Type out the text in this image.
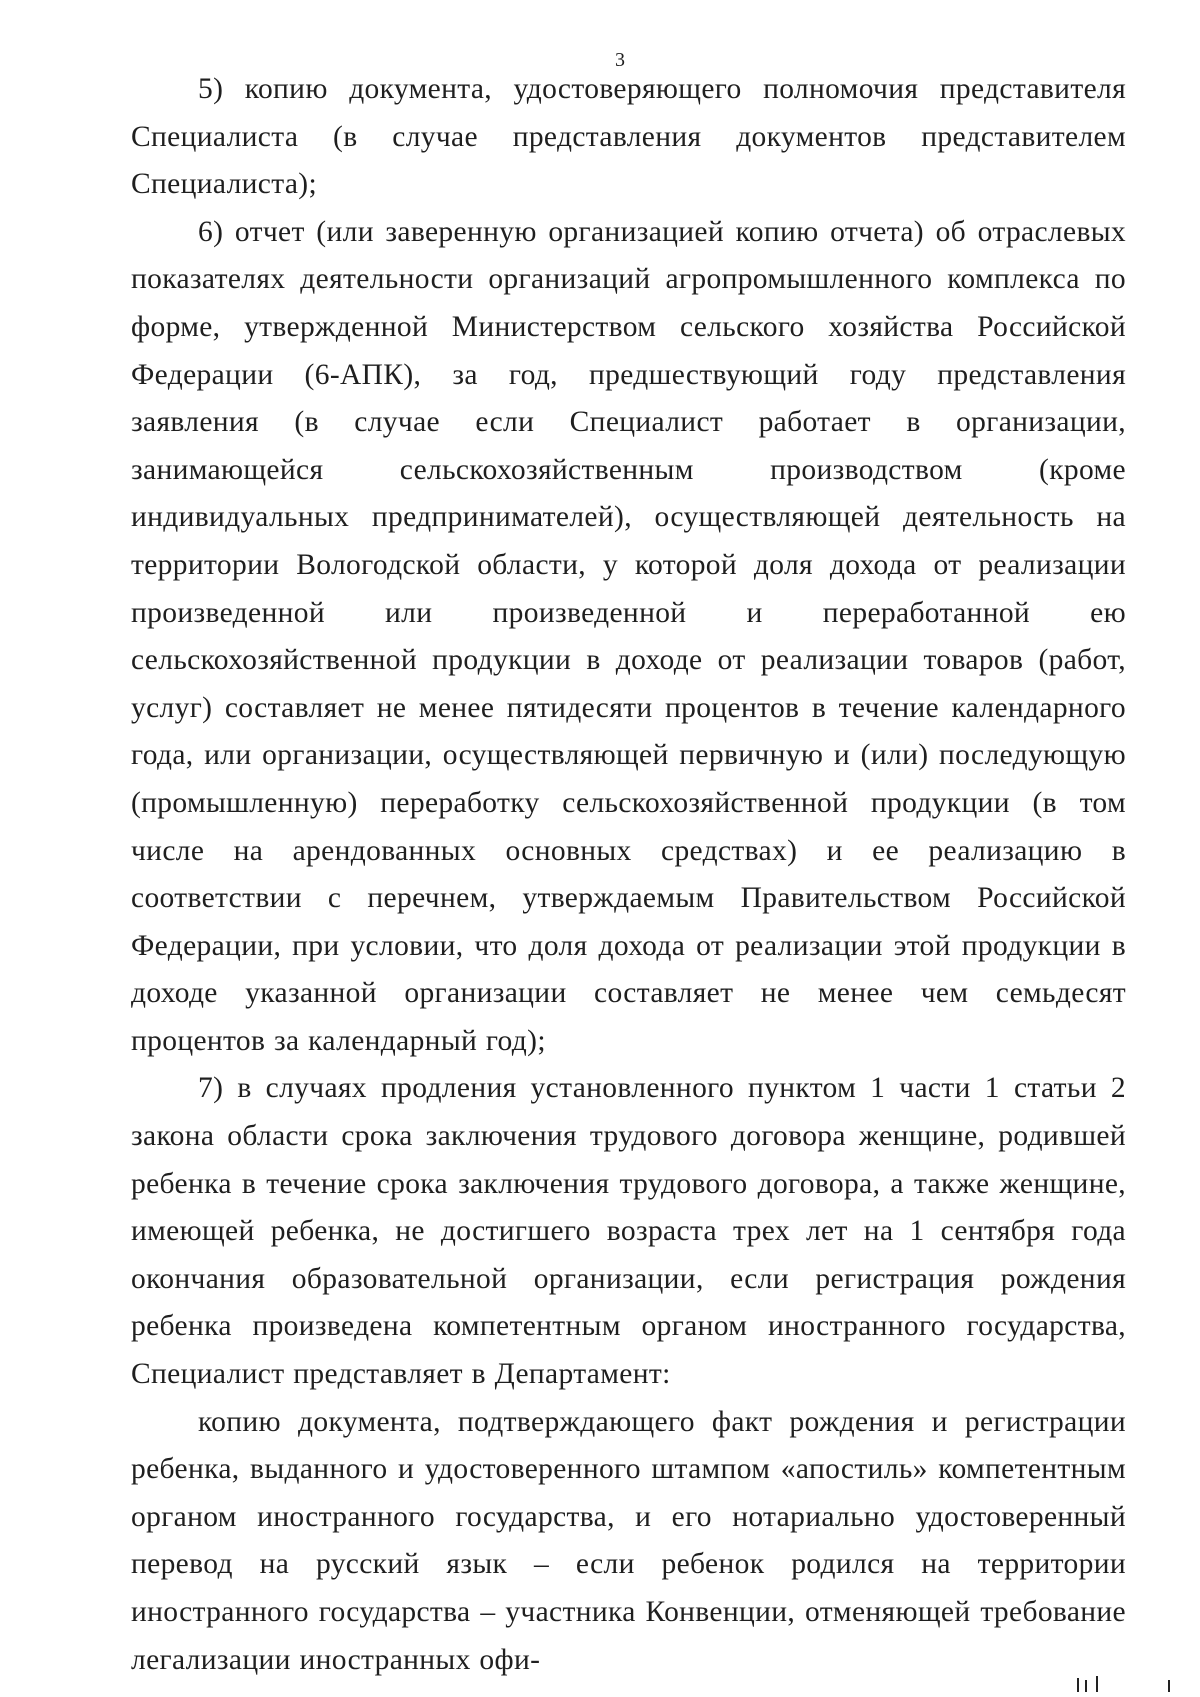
3

5) копию документа, удостоверяющего полномочия представителя Специалиста (в случае представления документов представителем Специалиста);

6) отчет (или заверенную организацией копию отчета) об отраслевых показателях деятельности организаций агропромышленного комплекса по форме, утвержденной Министерством сельского хозяйства Российской Федерации (6-АПК), за год, предшествующий году представления заявления (в случае если Специалист работает в организации, занимающейся сельскохозяйственным производством (кроме индивидуальных предпринимателей), осуществляющей деятельность на территории Вологодской области, у которой доля дохода от реализации произведенной или произведенной и переработанной ею сельскохозяйственной продукции в доходе от реализации товаров (работ, услуг) составляет не менее пятидесяти процентов в течение календарного года, или организации, осуществляющей первичную и (или) последующую (промышленную) переработку сельскохозяйственной продукции (в том числе на арендованных основных средствах) и ее реализацию в соответствии с перечнем, утверждаемым Правительством Российской Федерации, при условии, что доля дохода от реализации этой продукции в доходе указанной организации составляет не менее чем семьдесят процентов за календарный год);

7) в случаях продления установленного пунктом 1 части 1 статьи 2 закона области срока заключения трудового договора женщине, родившей ребенка в течение срока заключения трудового договора, а также женщине, имеющей ребенка, не достигшего возраста трех лет на 1 сентября года окончания образовательной организации, если регистрация рождения ребенка произведена компетентным органом иностранного государства, Специалист представляет в Департамент:

копию документа, подтверждающего факт рождения и регистрации ребенка, выданного и удостоверенного штампом «апостиль» компетентным органом иностранного государства, и его нотариально удостоверенный перевод на русский язык – если ребенок родился на территории иностранного государства – участника Конвенции, отменяющей требование легализации иностранных офи-
